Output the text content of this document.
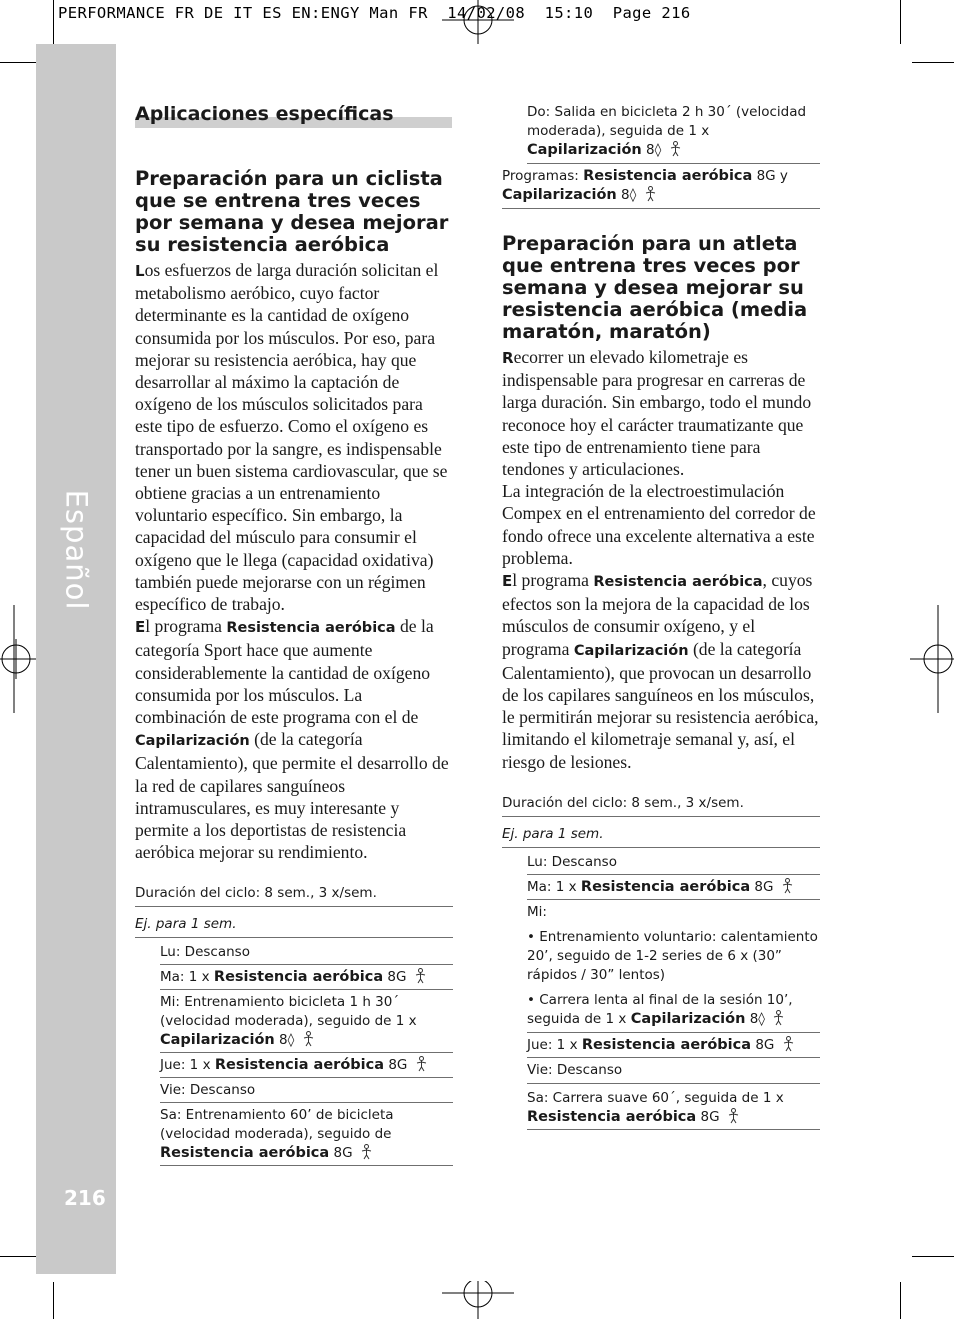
PERFORMANCE FR DE IT ES EN:ENGY Man FR  14/02/08  15:10  Page 216
Español
216
Aplicaciones específicas
Preparación para un ciclista que se entrena tres veces por semana y desea mejorar su resistencia aeróbica

Los esfuerzos de larga duración solicitan el metabolismo aeróbico, cuyo factor determinante es la cantidad de oxígeno consumida por los músculos. Por eso, para mejorar su resistencia aeróbica, hay que desarrollar al máximo la captación de oxígeno de los músculos solicitados para este tipo de esfuerzo. Como el oxígeno es transportado por la sangre, es indispensable tener un buen sistema cardiovascular, que se obtiene gracias a un entrenamiento voluntario específico. Sin embargo, la capacidad del músculo para consumir el oxígeno que le llega (capacidad oxidativa) también puede mejorarse con un régimen específico de trabajo.

El programa Resistencia aeróbica de la categoría Sport hace que aumente considerablemente la cantidad de oxígeno consumida por los músculos. La combinación de este programa con el de Capilarización (de la categoría Calentamiento), que permite el desarrollo de la red de capilares sanguíneos intramusculares, es muy interesante y permite a los deportistas de resistencia aeróbica mejorar su rendimiento.

Duración del ciclo: 8 sem., 3 x/sem.
Ej. para 1 sem.
Lu: Descanso
Ma: 1 x Resistencia aeróbica 8G
Mi: Entrenamiento bicicleta 1 h 30´ (velocidad moderada), seguido de 1 x Capilarización 8◊
Jue: 1 x Resistencia aeróbica 8G
Vie: Descanso
Sa: Entrenamiento 60’ de bicicleta (velocidad moderada), seguido de Resistencia aeróbica 8G
Do: Salida en bicicleta 2 h 30´ (velocidad moderada), seguida de 1 x Capilarización 8◊
Programas: Resistencia aeróbica 8G y Capilarización 8◊
Preparación para un atleta que entrena tres veces por semana y desea mejorar su resistencia aeróbica (media maratón, maratón)

Recorrer un elevado kilometraje es indispensable para progresar en carreras de larga duración. Sin embargo, todo el mundo reconoce hoy el carácter traumatizante que este tipo de entrenamiento tiene para tendones y articulaciones.

La integración de la electroestimulación Compex en el entrenamiento del corredor de fondo ofrece una excelente alternativa a este problema.

El programa Resistencia aeróbica, cuyos efectos son la mejora de la capacidad de los músculos de consumir oxígeno, y el programa Capilarización (de la categoría Calentamiento), que provocan un desarrollo de los capilares sanguíneos en los músculos, le permitirán mejorar su resistencia aeróbica, limitando el kilometraje semanal y, así, el riesgo de lesiones.

Duración del ciclo: 8 sem., 3 x/sem.
Ej. para 1 sem.
Lu: Descanso
Ma: 1 x Resistencia aeróbica 8G
Mi:
• Entrenamiento voluntario: calentamiento 20’, seguido de 1-2 series de 6 x (30” rápidos / 30” lentos)
• Carrera lenta al final de la sesión 10’, seguida de 1 x Capilarización 8◊
Jue: 1 x Resistencia aeróbica 8G
Vie: Descanso
Sa: Carrera suave 60´, seguida de 1 x Resistencia aeróbica 8G
